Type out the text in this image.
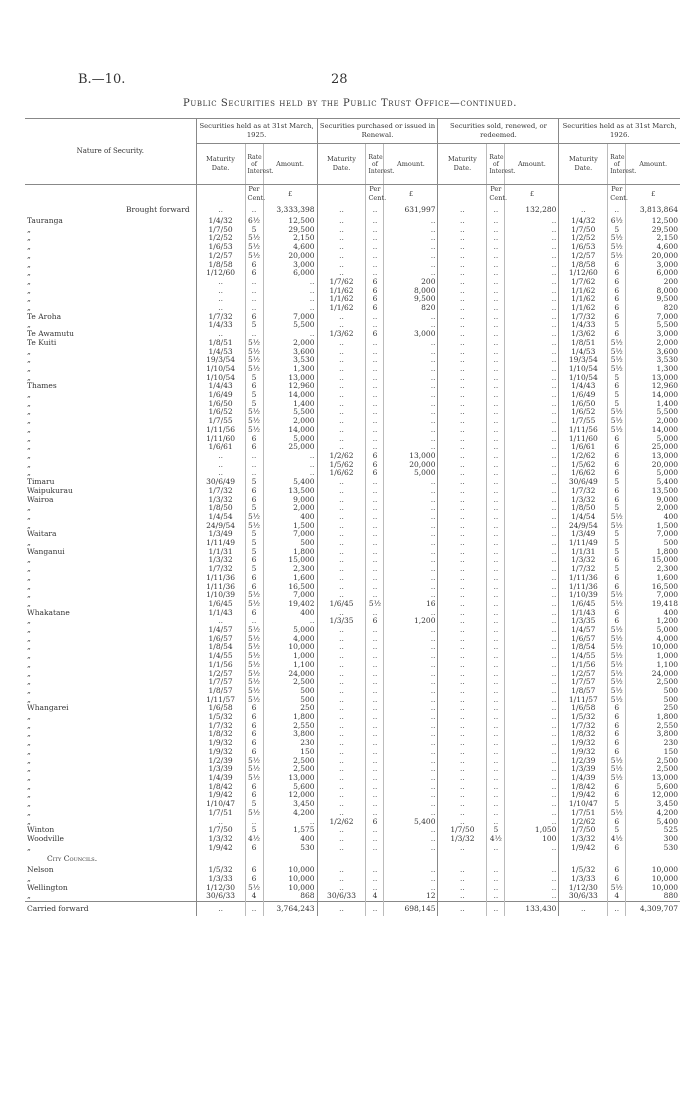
B.—10.	28
Public Securities held by the Public Trust Office—continued.
Nature of Security.	Securities held as at 31st March, 1925.			Securities purchased or issued in Renewal.			Securities sold, renewed, or redeemed.			Securities held as at 31st March, 1926.		
	Maturity Date.	Rate of Interest.	Amount.	Maturity Date.	Rate of Interest.	Amount.	Maturity Date.	Rate of Interest.	Amount.	Maturity Date.	Rate of Interest.	Amount.
		Per Cent.	£		Per Cent.	£		Per Cent.	£		Per Cent.	£
Brought forward	..	..	3,333,398	..	..	631,997	..	..	132,280	..	..	3,813,864
Tauranga	1/4/32	6½	12,500	..	..	..	..	..	..	1/4/32	6½	12,500
„	1/7/50	5	29,500	..	..	..	..	..	..	1/7/50	5	29,500
„	1/2/52	5½	2,150	..	..	..	..	..	..	1/2/52	5½	2,150
„	1/6/53	5½	4,600	..	..	..	..	..	..	1/6/53	5½	4,600
„	1/2/57	5½	20,000	..	..	..	..	..	..	1/2/57	5½	20,000
„	1/8/58	6	3,000	..	..	..	..	..	..	1/8/58	6	3,000
„	1/12/60	6	6,000	..	..	..	..	..	..	1/12/60	6	6,000
„	..	..	..	1/7/62	6	200	..	..	..	1/7/62	6	200
„	..	..	..	1/1/62	6	8,000	..	..	..	1/1/62	6	8,000
„	..	..	..	1/1/62	6	9,500	..	..	..	1/1/62	6	9,500
„	..	..	..	1/1/62	6	820	..	..	..	1/1/62	6	820
Te Aroha	1/7/32	6	7,000	..	..	..	..	..	..	1/7/32	6	7,000
„	1/4/33	5	5,500	..	..	..	..	..	..	1/4/33	5	5,500
Te Awamutu	..	..	..	1/3/62	6	3,000	..	..	..	1/3/62	6	3,000
Te Kuiti	1/8/51	5½	2,000	..	..	..	..	..	..	1/8/51	5½	2,000
„	1/4/53	5½	3,600	..	..	..	..	..	..	1/4/53	5½	3,600
„	19/3/54	5½	3,530	..	..	..	..	..	..	19/3/54	5½	3,530
„	1/10/54	5½	1,300	..	..	..	..	..	..	1/10/54	5½	1,300
„	1/10/54	5	13,000	..	..	..	..	..	..	1/10/54	5	13,000
Thames	1/4/43	6	12,960	..	..	..	..	..	..	1/4/43	6	12,960
„	1/6/49	5	14,000	..	..	..	..	..	..	1/6/49	5	14,000
„	1/6/50	5	1,400	..	..	..	..	..	..	1/6/50	5	1,400
„	1/6/52	5½	5,500	..	..	..	..	..	..	1/6/52	5½	5,500
„	1/7/55	5½	2,000	..	..	..	..	..	..	1/7/55	5½	2,000
„	1/11/56	5½	14,000	..	..	..	..	..	..	1/11/56	5½	14,000
„	1/11/60	6	5,000	..	..	..	..	..	..	1/11/60	6	5,000
„	1/6/61	6	25,000	..	..	..	..	..	..	1/6/61	6	25,000
„	..	..	..	1/2/62	6	13,000	..	..	..	1/2/62	6	13,000
„	..	..	..	1/5/62	6	20,000	..	..	..	1/5/62	6	20,000
„	..	..	..	1/6/62	6	5,000	..	..	..	1/6/62	6	5,000
Timaru	30/6/49	5	5,400	..	..	..	..	..	..	30/6/49	5	5,400
Waipukurau	1/7/32	6	13,500	..	..	..	..	..	..	1/7/32	6	13,500
Wairoa	1/3/32	6	9,000	..	..	..	..	..	..	1/3/32	6	9,000
„	1/8/50	5	2,000	..	..	..	..	..	..	1/8/50	5	2,000
„	1/4/54	5½	400	..	..	..	..	..	..	1/4/54	5½	400
„	24/9/54	5½	1,500	..	..	..	..	..	..	24/9/54	5½	1,500
Waitara	1/3/49	5	7,000	..	..	..	..	..	..	1/3/49	5	7,000
„	1/11/49	5	500	..	..	..	..	..	..	1/11/49	5	500
Wanganui	1/1/31	5	1,800	..	..	..	..	..	..	1/1/31	5	1,800
„	1/3/32	6	15,000	..	..	..	..	..	..	1/3/32	6	15,000
„	1/7/32	5	2,300	..	..	..	..	..	..	1/7/32	5	2,300
„	1/11/36	6	1,600	..	..	..	..	..	..	1/11/36	6	1,600
„	1/11/36	6	16,500	..	..	..	..	..	..	1/11/36	6	16,500
„	1/10/39	5½	7,000	..	..	..	..	..	..	1/10/39	5½	7,000
„	1/6/45	5½	19,402	1/6/45	5½	16	..	..	..	1/6/45	5½	19,418
Whakatane	1/1/43	6	400	..	..	..	..	..	..	1/1/43	6	400
„	..	..	..	1/3/35	6	1,200	..	..	..	1/3/35	6	1,200
„	1/4/57	5½	5,000	..	..	..	..	..	..	1/4/57	5½	5,000
„	1/6/57	5½	4,000	..	..	..	..	..	..	1/6/57	5½	4,000
„	1/8/54	5½	10,000	..	..	..	..	..	..	1/8/54	5½	10,000
„	1/4/55	5½	1,000	..	..	..	..	..	..	1/4/55	5½	1,000
„	1/1/56	5½	1,100	..	..	..	..	..	..	1/1/56	5½	1,100
„	1/2/57	5½	24,000	..	..	..	..	..	..	1/2/57	5½	24,000
„	1/7/57	5½	2,500	..	..	..	..	..	..	1/7/57	5½	2,500
„	1/8/57	5½	500	..	..	..	..	..	..	1/8/57	5½	500
„	1/11/57	5½	500	..	..	..	..	..	..	1/11/57	5½	500
Whangarei	1/6/58	6	250	..	..	..	..	..	..	1/6/58	6	250
„	1/5/32	6	1,800	..	..	..	..	..	..	1/5/32	6	1,800
„	1/7/32	6	2,550	..	..	..	..	..	..	1/7/32	6	2,550
„	1/8/32	6	3,800	..	..	..	..	..	..	1/8/32	6	3,800
„	1/9/32	6	230	..	..	..	..	..	..	1/9/32	6	230
„	1/9/32	6	150	..	..	..	..	..	..	1/9/32	6	150
„	1/2/39	5½	2,500	..	..	..	..	..	..	1/2/39	5½	2,500
„	1/3/39	5½	2,500	..	..	..	..	..	..	1/3/39	5½	2,500
„	1/4/39	5½	13,000	..	..	..	..	..	..	1/4/39	5½	13,000
„	1/8/42	6	5,600	..	..	..	..	..	..	1/8/42	6	5,600
„	1/9/42	6	12,000	..	..	..	..	..	..	1/9/42	6	12,000
„	1/10/47	5	3,450	..	..	..	..	..	..	1/10/47	5	3,450
„	1/7/51	5½	4,200	..	..	..	..	..	..	1/7/51	5½	4,200
„	..	..	..	1/2/62	6	5,400	..	..	..	1/2/62	6	5,400
Winton	1/7/50	5	1,575	..	..	..	1/7/50	5	1,050	1/7/50	5	525
Woodville	1/3/32	4½	400	..	..	..	1/3/32	4½	100	1/3/32	4½	300
„	1/9/42	6	530	..	..	..	..	..	..	1/9/42	6	530
City Councils.												
Nelson	1/5/32	6	10,000	..	..	..	..	..	..	1/5/32	6	10,000
„	1/3/33	6	10,000	..	..	..	..	..	..	1/3/33	6	10,000
Wellington	1/12/30	5½	10,000	..	..	..	..	..	..	1/12/30	5½	10,000
„	30/6/33	4	868	30/6/33	4	12	..	..	..	30/6/33	4	880
Carried forward	..	..	3,764,243	..	..	698,145	..	..	133,430	..	..	4,309,707
